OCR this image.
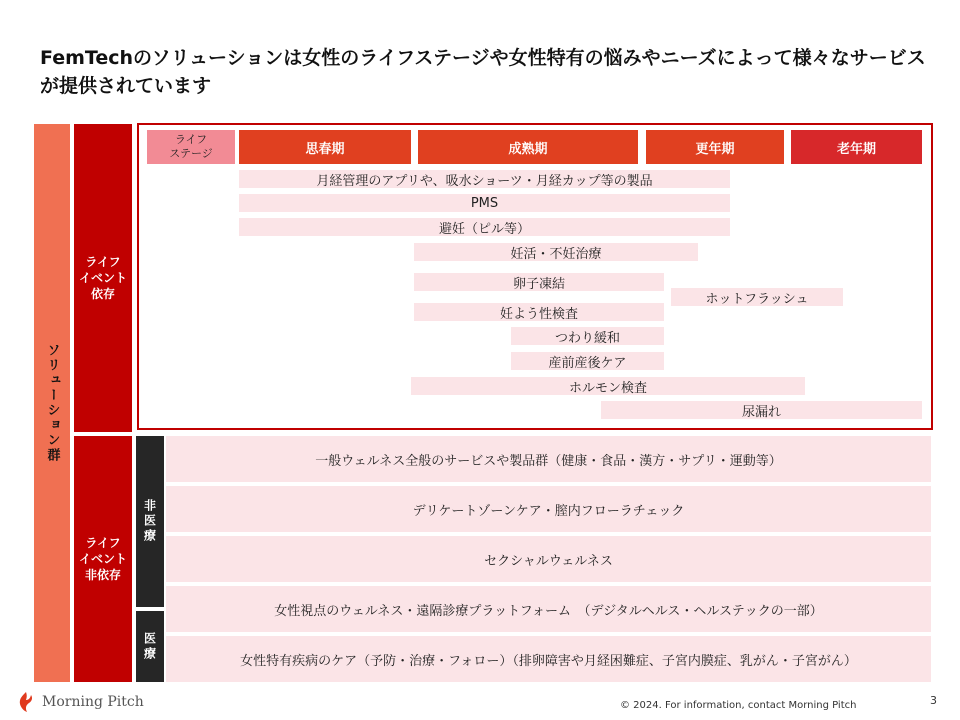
FemTechのソリューションは女性のライフステージや女性特有の悩みやニーズによって様々なサービスが提供されています
ソリューション群
ライフ
イベント
依存
ライフ
イベント
非依存
ライフ
ステージ	思春期	成熟期	更年期	老年期
月経管理のアプリや、吸水ショーツ・月経カップ等の製品
PMS
避妊（ピル等）
妊活・不妊治療
卵子凍結
ホットフラッシュ
妊よう性検査
つわり緩和
産前産後ケア
ホルモン検査
尿漏れ
非医療
医療
一般ウェルネス全般のサービスや製品群（健康・食品・漢方・サプリ・運動等）
デリケートゾーンケア・膣内フローラチェック
セクシャルウェルネス
女性視点のウェルネス・遠隔診療プラットフォーム　（デジタルヘルス・ヘルステックの一部）
女性特有疾病のケア（予防・治療・フォロー）（排卵障害や月経困難症、子宮内膜症、乳がん・子宮がん）
Morning Pitch	© 2024. For information, contact Morning Pitch	3
